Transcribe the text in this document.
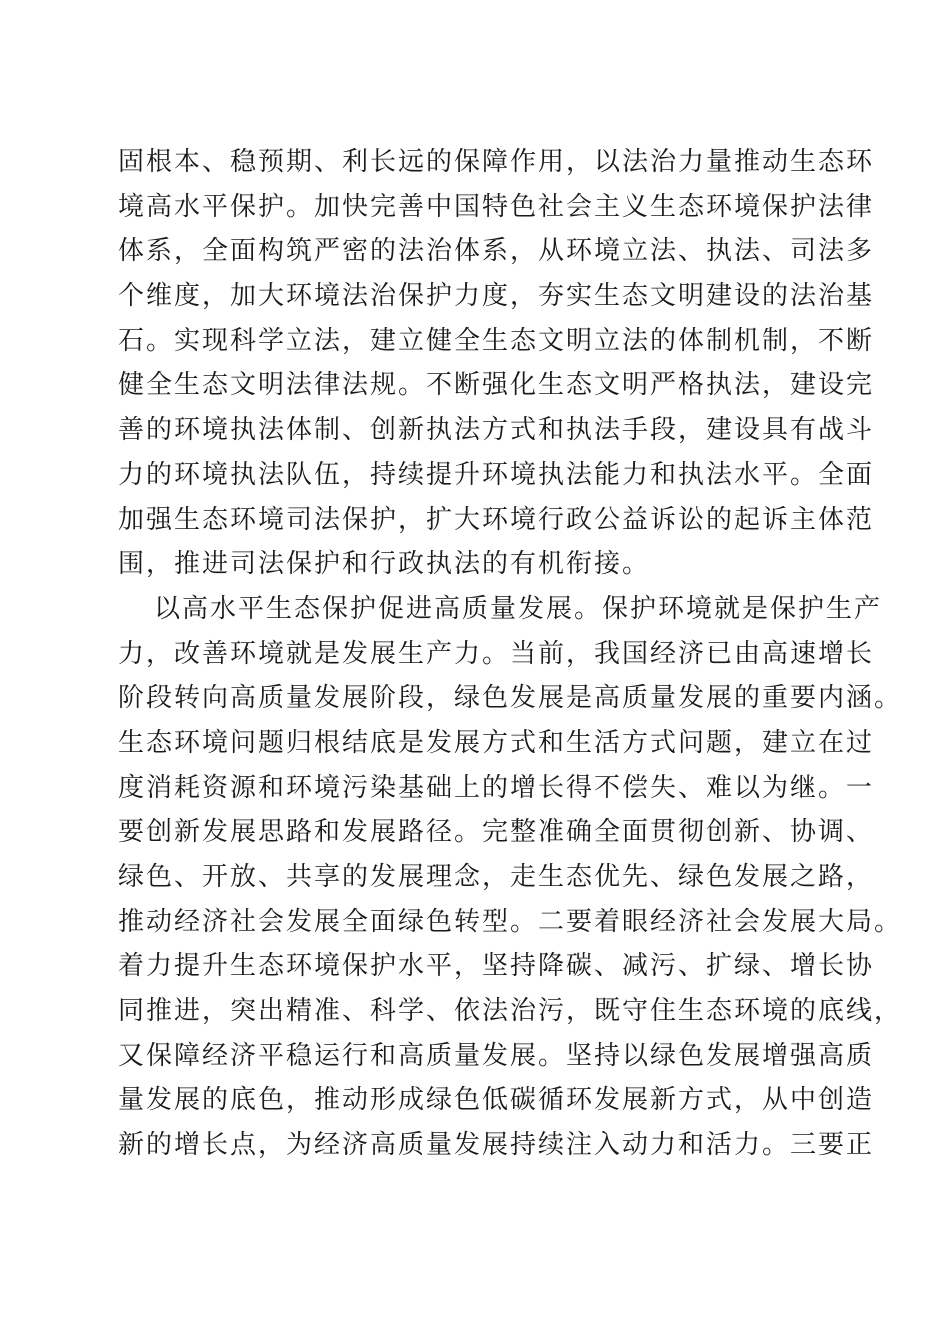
固根本、稳预期、利长远的保障作用，以法治力量推动生态环
境高水平保护。加快完善中国特色社会主义生态环境保护法律
体系，全面构筑严密的法治体系，从环境立法、执法、司法多
个维度，加大环境法治保护力度，夯实生态文明建设的法治基
石。实现科学立法，建立健全生态文明立法的体制机制，不断
健全生态文明法律法规。不断强化生态文明严格执法，建设完
善的环境执法体制、创新执法方式和执法手段，建设具有战斗
力的环境执法队伍，持续提升环境执法能力和执法水平。全面
加强生态环境司法保护，扩大环境行政公益诉讼的起诉主体范
围，推进司法保护和行政执法的有机衔接。
以高水平生态保护促进高质量发展。保护环境就是保护生产
力，改善环境就是发展生产力。当前，我国经济已由高速增长
阶段转向高质量发展阶段，绿色发展是高质量发展的重要内涵。
生态环境问题归根结底是发展方式和生活方式问题，建立在过
度消耗资源和环境污染基础上的增长得不偿失、难以为继。一
要创新发展思路和发展路径。完整准确全面贯彻创新、协调、
绿色、开放、共享的发展理念，走生态优先、绿色发展之路，
推动经济社会发展全面绿色转型。二要着眼经济社会发展大局。
着力提升生态环境保护水平，坚持降碳、减污、扩绿、增长协
同推进，突出精准、科学、依法治污，既守住生态环境的底线，
又保障经济平稳运行和高质量发展。坚持以绿色发展增强高质
量发展的底色，推动形成绿色低碳循环发展新方式，从中创造
新的增长点，为经济高质量发展持续注入动力和活力。三要正
